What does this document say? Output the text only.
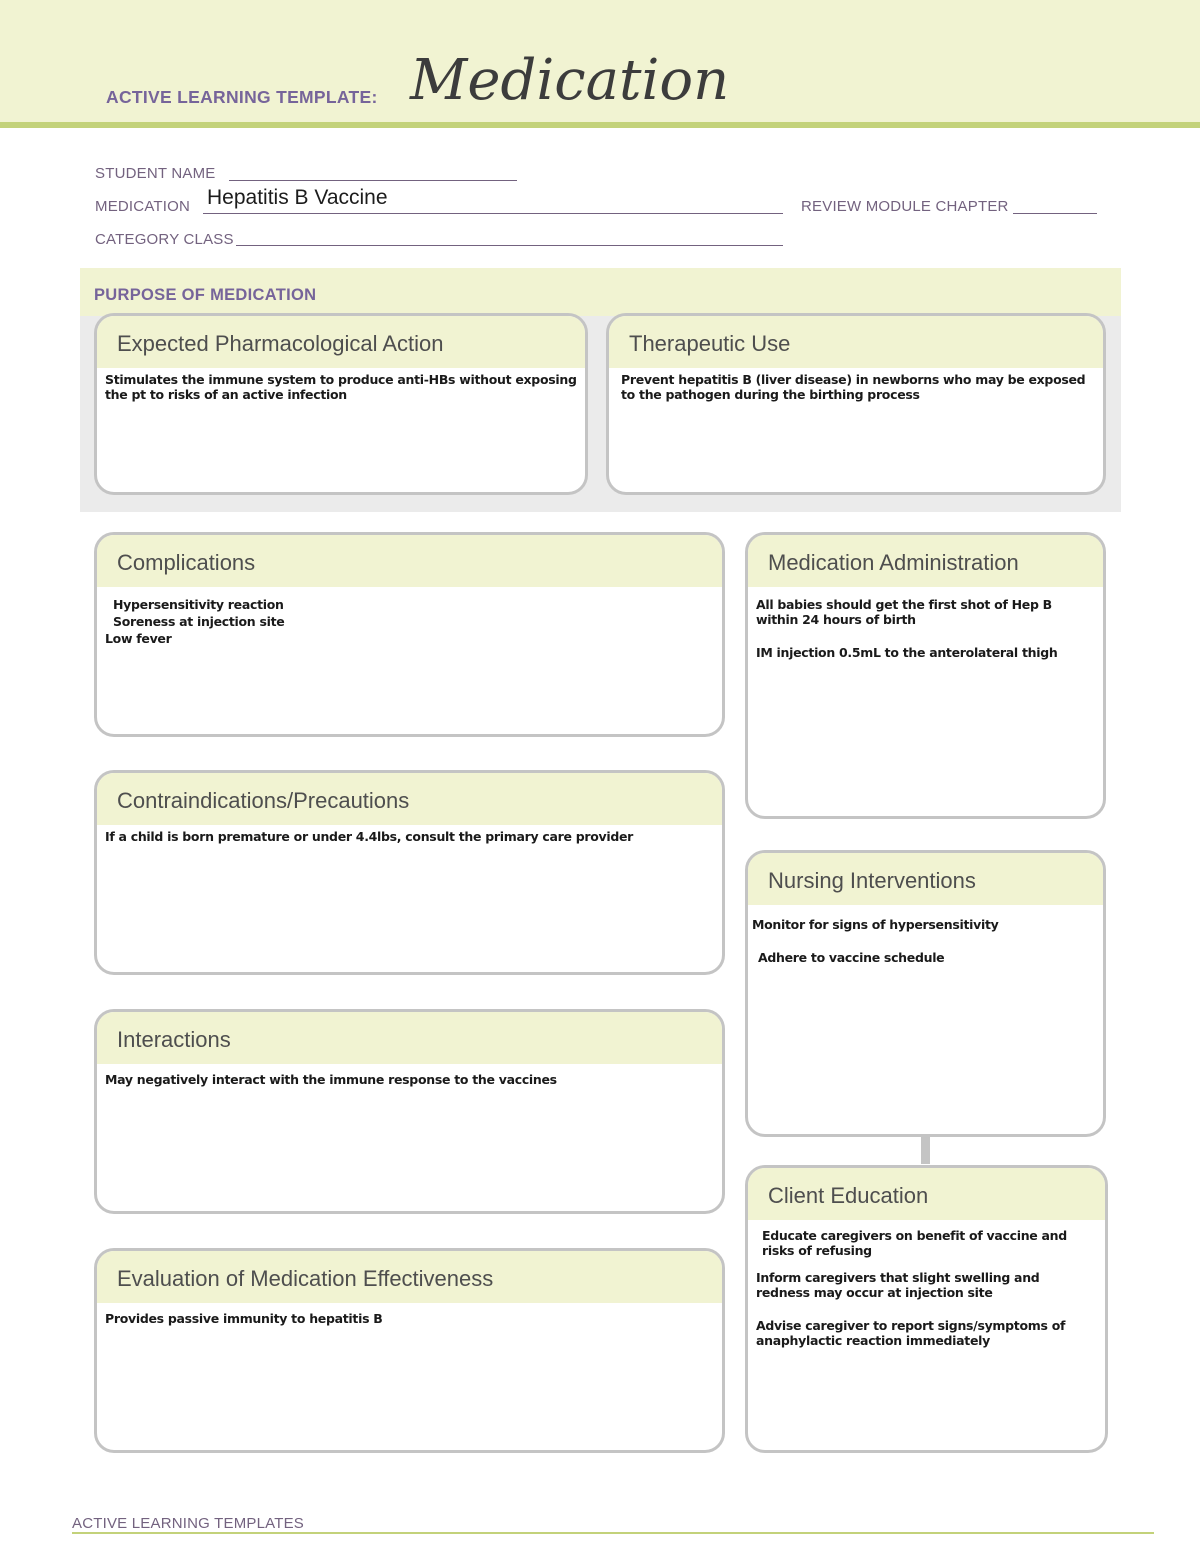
ACTIVE LEARNING TEMPLATE: Medication
STUDENT NAME
MEDICATION Hepatitis B Vaccine	REVIEW MODULE CHAPTER
CATEGORY CLASS
PURPOSE OF MEDICATION
Expected Pharmacological Action
Stimulates the immune system to produce anti-HBs without exposing the pt to risks of an active infection
Therapeutic Use
Prevent hepatitis B (liver disease) in newborns who may be exposed to the pathogen during the birthing process
Complications
Hypersensitivity reaction
Soreness at injection site
Low fever
Contraindications/Precautions
If a child is born premature or under 4.4lbs, consult the primary care provider
Interactions
May negatively interact with the immune response to the vaccines
Evaluation of Medication Effectiveness
Provides passive immunity to hepatitis B
Medication Administration
All babies should get the first shot of Hep B within 24 hours of birth
IM injection 0.5mL to the anterolateral thigh
Nursing Interventions
Monitor for signs of hypersensitivity
Adhere to vaccine schedule
Client Education
Educate caregivers on benefit of vaccine and risks of refusing
Inform caregivers that slight swelling and redness may occur at injection site
Advise caregiver to report signs/symptoms of anaphylactic reaction immediately
ACTIVE LEARNING TEMPLATES
